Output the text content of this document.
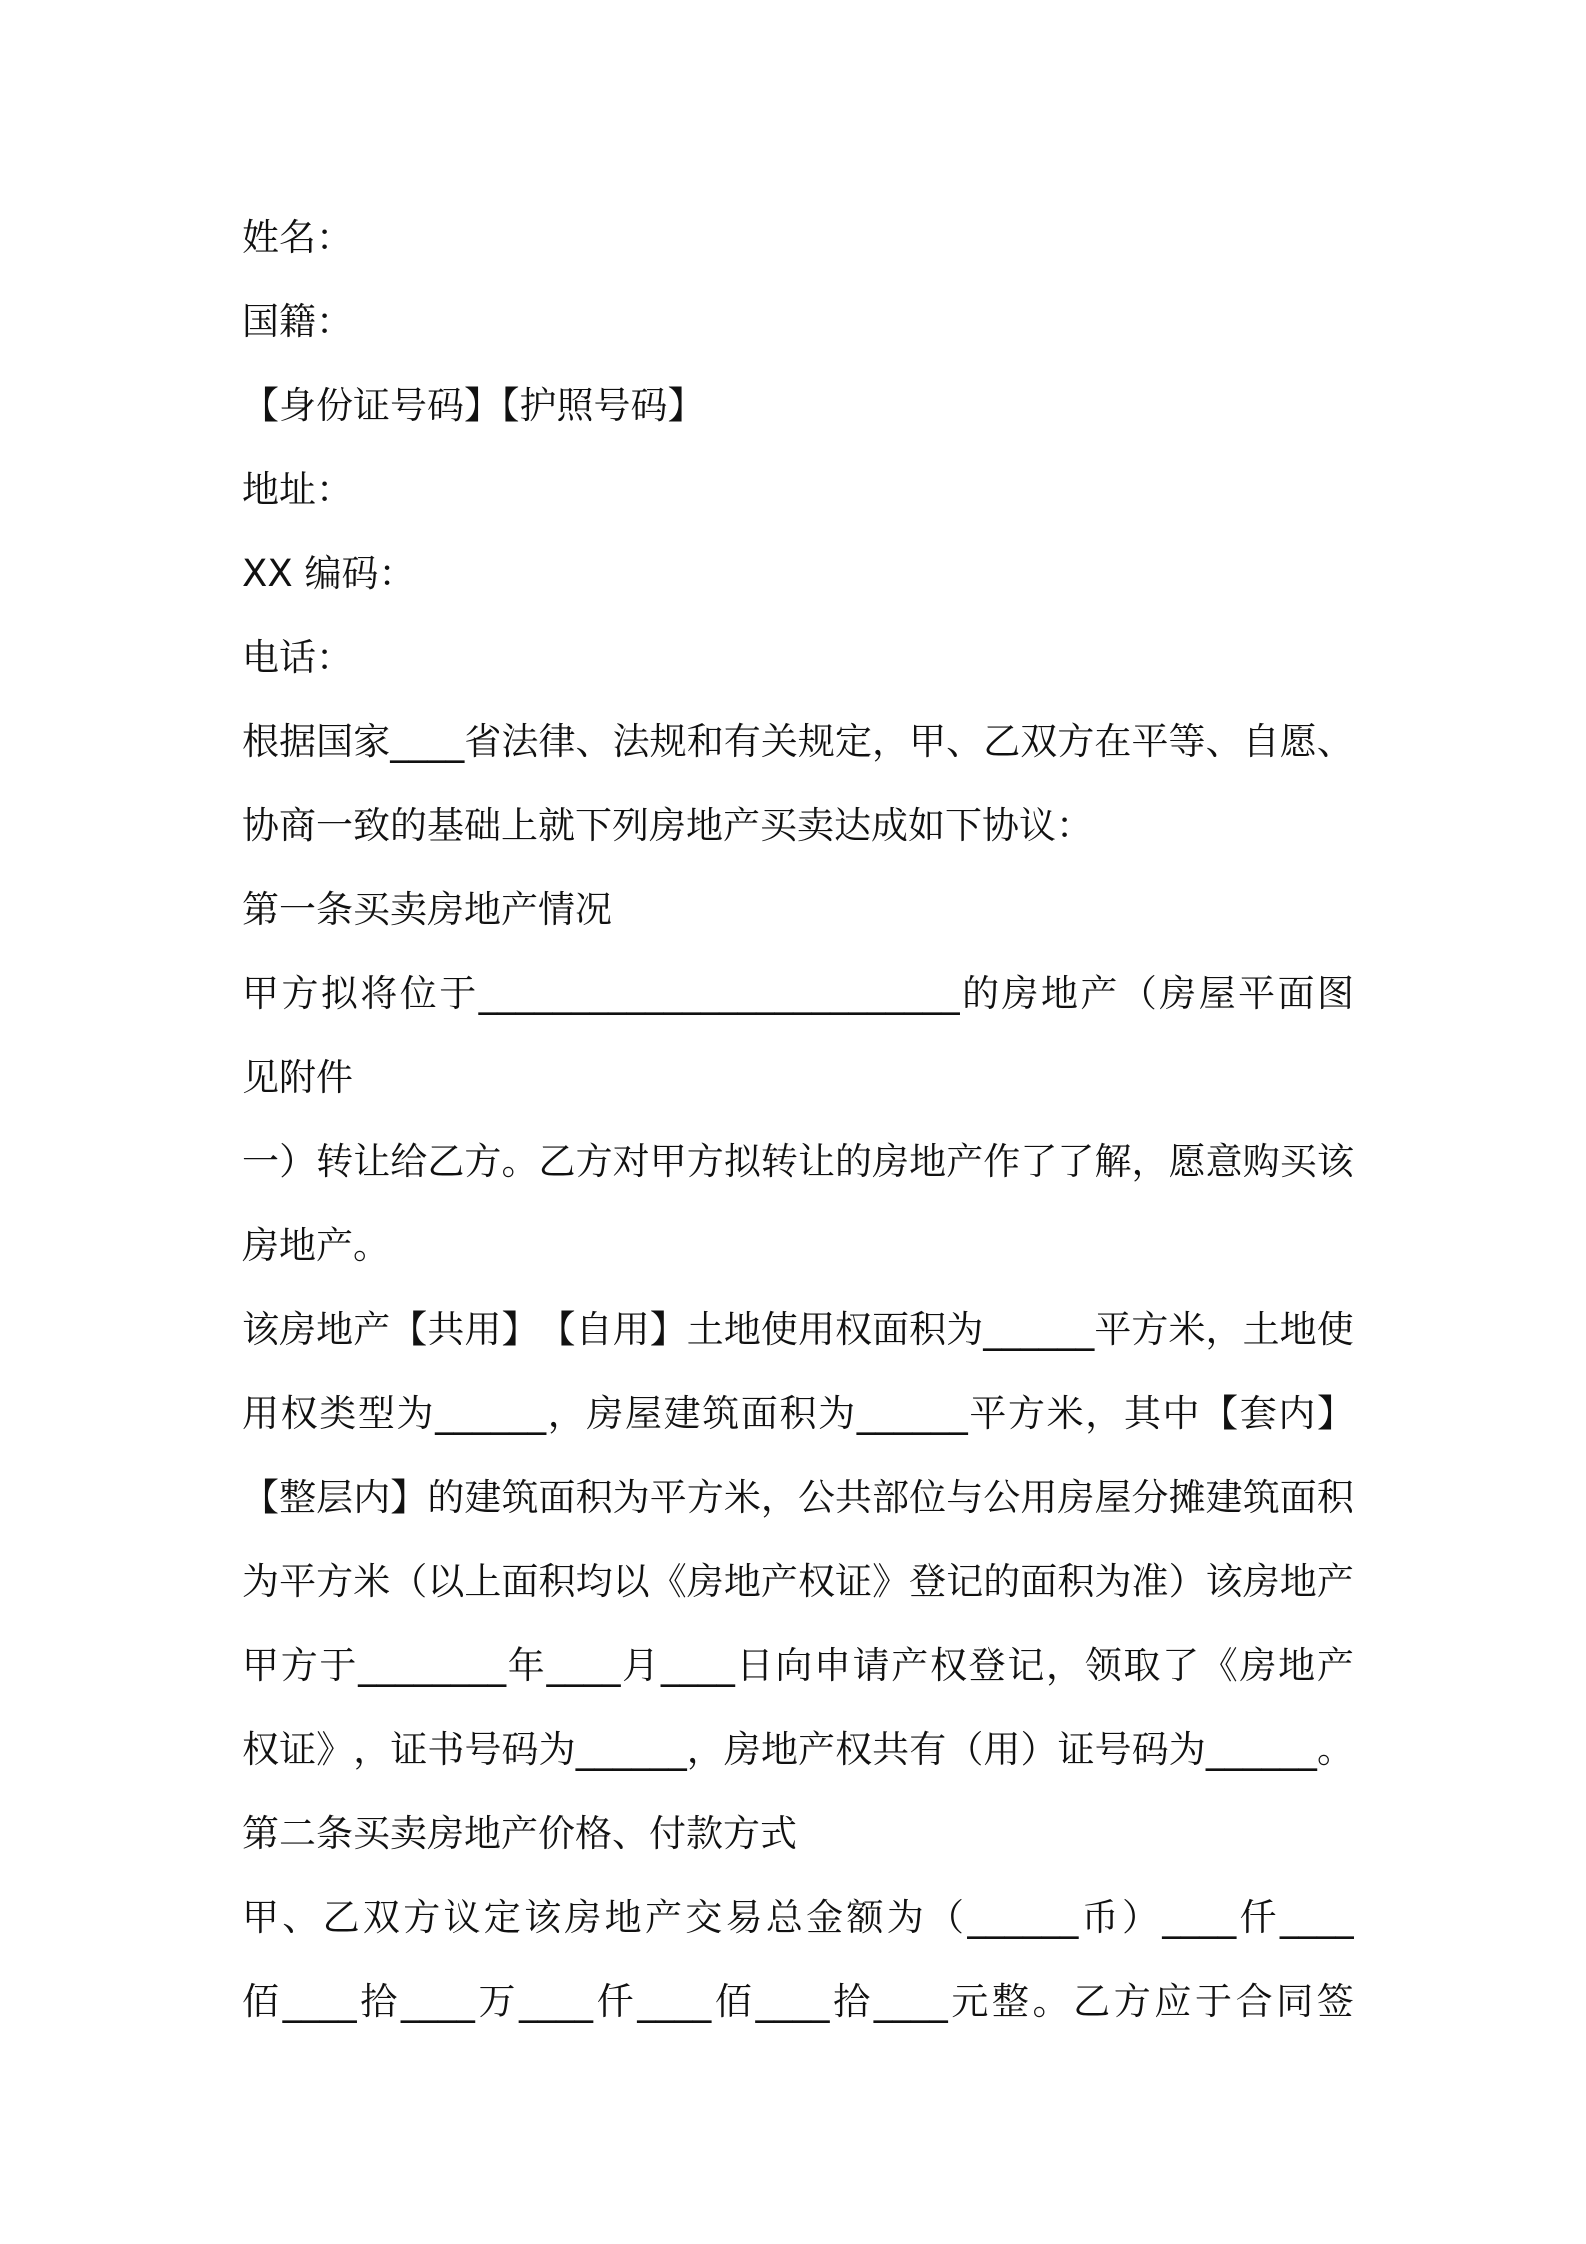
姓名：
国籍：
【身份证号码】【护照号码】
地址：
XX 编码：
电话：
根 据 国 家 ____ 省 法 律 、 法 规 和 有 关 规 定 ， 甲 、 乙 双 方 在 平 等 、 自 愿 、
协商一致的基础上就下列房地产买卖达成如下协议：
第一条买卖房地产情况
甲 方 拟 将 位 于 __________________________ 的 房 地 产 （ 房 屋 平 面 图
见附件
一 ） 转 让 给 乙 方 。 乙 方 对 甲 方 拟 转 让 的 房 地 产 作 了 了 解 ， 愿 意 购 买 该
房地产。
该 房 地 产 【 共 用 】 【 自 用 】 土 地 使 用 权 面 积 为 ______ 平 方 米 ， 土 地 使
用 权 类 型 为 ______ ， 房 屋 建 筑 面 积 为 ______ 平 方 米 ， 其 中 【 套 内 】
【 整 层 内 】 的 建 筑 面 积 为 平 方 米 ， 公 共 部 位 与 公 用 房 屋 分 摊 建 筑 面 积
为 平 方 米 （ 以 上 面 积 均 以 《 房 地 产 权 证 》 登 记 的 面 积 为 准 ） 该 房 地 产
甲 方 于 ________ 年 ____ 月 ____ 日 向 申 请 产 权 登 记 ， 领 取 了 《 房 地 产
权 证 》 ， 证 书 号 码 为 ______ ， 房 地 产 权 共 有 （ 用 ） 证 号 码 为 ______ 。
第二条买卖房地产价格、付款方式
甲 、 乙 双 方 议 定 该 房 地 产 交 易 总 金 额 为 （ ______ 币 ） ____ 仟 ____
佰 ____ 拾 ____ 万 ____ 仟 ____ 佰 ____ 拾 ____ 元 整 。 乙 方 应 于 合 同 签
